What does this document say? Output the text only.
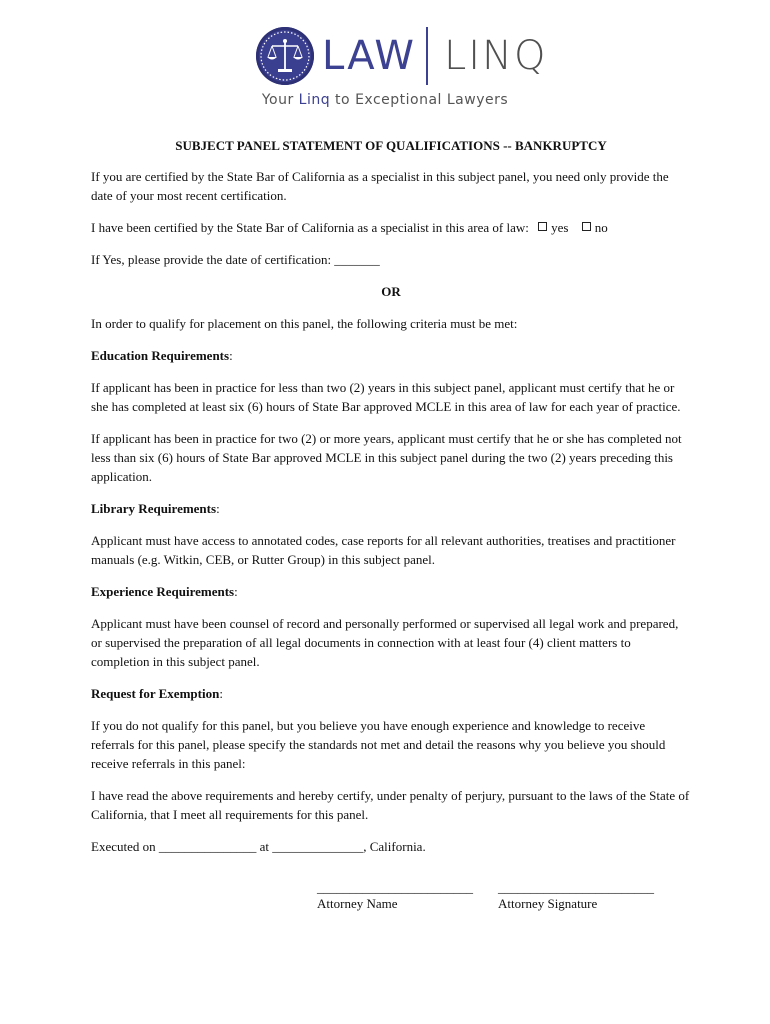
LAW LINQ
Your Linq to Exceptional Lawyers
SUBJECT PANEL STATEMENT OF QUALIFICATIONS -- BANKRUPTCY

If you are certified by the State Bar of California as a specialist in this subject panel, you need only provide the date of your most recent certification.

I have been certified by the State Bar of California as a specialist in this area of law: yes no

If Yes, please provide the date of certification: _______

OR

In order to qualify for placement on this panel, the following criteria must be met:

Education Requirements:

If applicant has been in practice for less than two (2) years in this subject panel, applicant must certify that he or she has completed at least six (6) hours of State Bar approved MCLE in this area of law for each year of practice.

If applicant has been in practice for two (2) or more years, applicant must certify that he or she has completed not less than six (6) hours of State Bar approved MCLE in this subject panel during the two (2) years preceding this application.

Library Requirements:

Applicant must have access to annotated codes, case reports for all relevant authorities, treatises and practitioner manuals (e.g. Witkin, CEB, or Rutter Group) in this subject panel.

Experience Requirements:

Applicant must have been counsel of record and personally performed or supervised all legal work and prepared, or supervised the preparation of all legal documents in connection with at least four (4) client matters to completion in this subject panel.

Request for Exemption:

If you do not qualify for this panel, but you believe you have enough experience and knowledge to receive referrals for this panel, please specify the standards not met and detail the reasons why you believe you should receive referrals in this panel:

I have read the above requirements and hereby certify, under penalty of perjury, pursuant to the laws of the State of California, that I meet all requirements for this panel.

Executed on _______________ at ______________, California.

________________________
Attorney Name
________________________
Attorney Signature
